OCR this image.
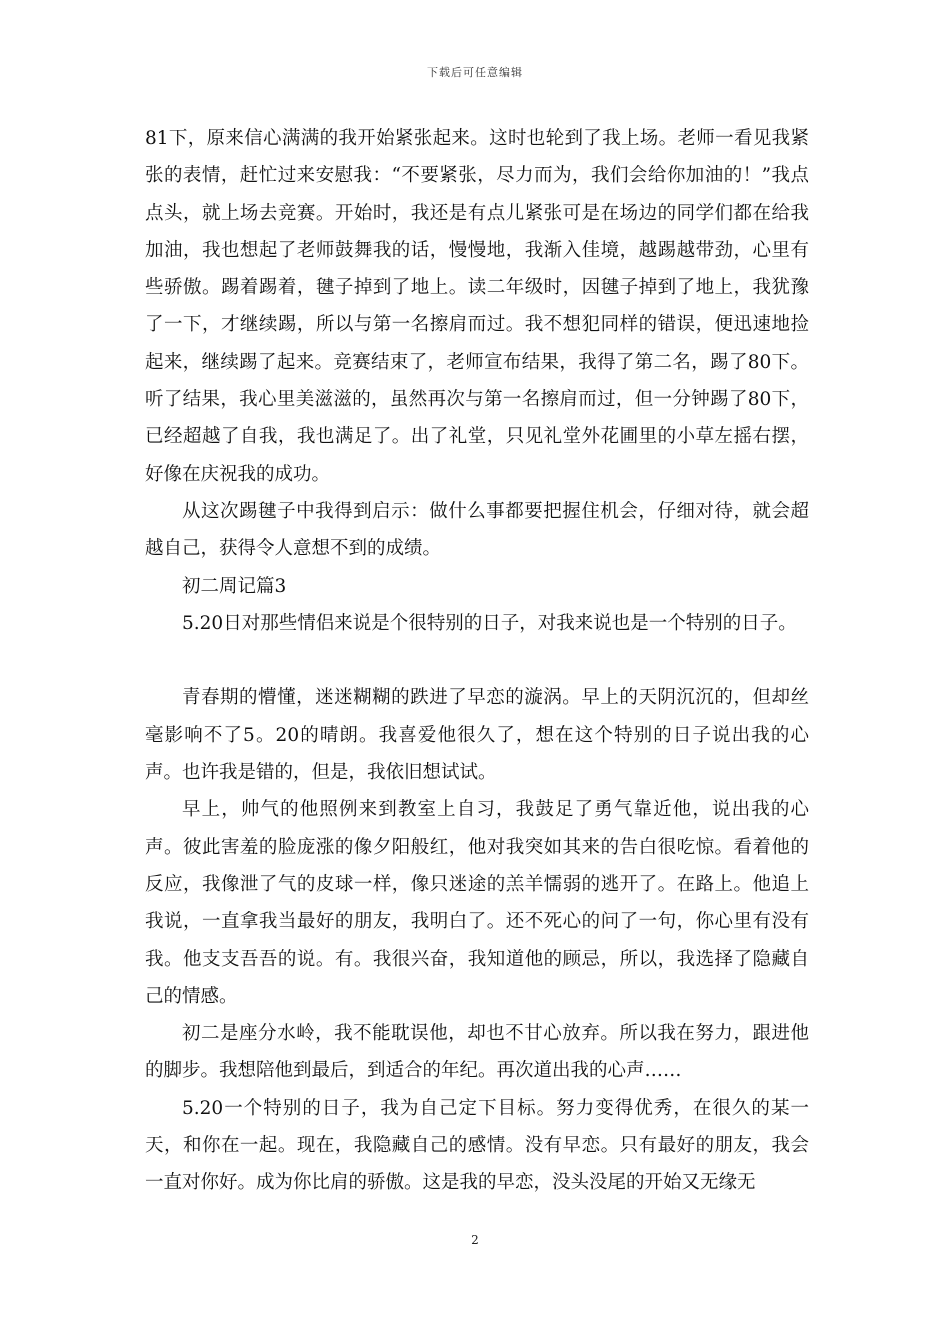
下载后可任意编辑

81下，原来信心满满的我开始紧张起来。这时也轮到了我上场。老师一看见我紧张的表情，赶忙过来安慰我：“不要紧张，尽力而为，我们会给你加油的！”我点点头，就上场去竞赛。开始时，我还是有点儿紧张可是在场边的同学们都在给我加油，我也想起了老师鼓舞我的话，慢慢地，我渐入佳境，越踢越带劲，心里有些骄傲。踢着踢着，毽子掉到了地上。读二年级时，因毽子掉到了地上，我犹豫了一下，才继续踢，所以与第一名擦肩而过。我不想犯同样的错误，便迅速地捡起来，继续踢了起来。竞赛结束了，老师宣布结果，我得了第二名，踢了80下。听了结果，我心里美滋滋的，虽然再次与第一名擦肩而过，但一分钟踢了80下，已经超越了自我，我也满足了。出了礼堂，只见礼堂外花圃里的小草左摇右摆，好像在庆祝我的成功。

从这次踢毽子中我得到启示：做什么事都要把握住机会，仔细对待，就会超越自己，获得令人意想不到的成绩。

初二周记篇3

5.20日对那些情侣来说是个很特别的日子，对我来说也是一个特别的日子。

青春期的懵懂，迷迷糊糊的跌进了早恋的漩涡。早上的天阴沉沉的，但却丝毫影响不了5。20的晴朗。我喜爱他很久了，想在这个特别的日子说出我的心声。也许我是错的，但是，我依旧想试试。

早上，帅气的他照例来到教室上自习，我鼓足了勇气靠近他，说出我的心声。彼此害羞的脸庞涨的像夕阳般红，他对我突如其来的告白很吃惊。看着他的反应，我像泄了气的皮球一样，像只迷途的羔羊懦弱的逃开了。在路上。他追上我说，一直拿我当最好的朋友，我明白了。还不死心的问了一句，你心里有没有我。他支支吾吾的说。有。我很兴奋，我知道他的顾忌，所以，我选择了隐藏自己的情感。

初二是座分水岭，我不能耽误他，却也不甘心放弃。所以我在努力，跟进他的脚步。我想陪他到最后，到适合的年纪。再次道出我的心声……

5.20一个特别的日子，我为自己定下目标。努力变得优秀，在很久的某一天，和你在一起。现在，我隐藏自己的感情。没有早恋。只有最好的朋友，我会一直对你好。成为你比肩的骄傲。这是我的早恋，没头没尾的开始又无缘无

2
